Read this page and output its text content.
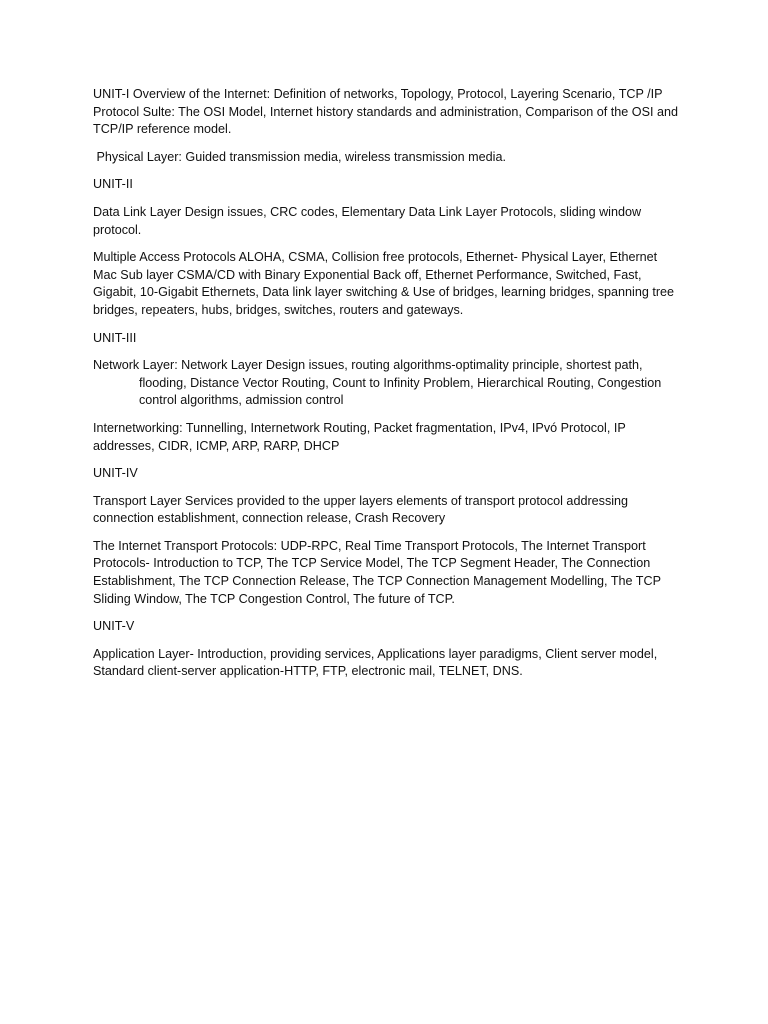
UNIT-I Overview of the Internet: Definition of networks, Topology, Protocol, Layering Scenario, TCP /IP Protocol Sulte: The OSI Model, Internet history standards and administration, Comparison of the OSI and TCP/IP reference model.

Physical Layer: Guided transmission media, wireless transmission media.

UNIT-II

Data Link Layer Design issues, CRC codes, Elementary Data Link Layer Protocols, sliding window protocol.

Multiple Access Protocols ALOHA, CSMA, Collision free protocols, Ethernet- Physical Layer, Ethernet Mac Sub layer CSMA/CD with Binary Exponential Back off, Ethernet Performance, Switched, Fast, Gigabit, 10-Gigabit Ethernets, Data link layer switching & Use of bridges, learning bridges, spanning tree bridges, repeaters, hubs, bridges, switches, routers and gateways.

UNIT-III

Network Layer: Network Layer Design issues, routing algorithms-optimality principle, shortest path, flooding, Distance Vector Routing, Count to Infinity Problem, Hierarchical Routing, Congestion control algorithms, admission control

Internetworking: Tunnelling, Internetwork Routing, Packet fragmentation, IPv4, IPvó Protocol, IP addresses, CIDR, ICMP, ARP, RARP, DHCP

UNIT-IV

Transport Layer Services provided to the upper layers elements of transport protocol addressing connection establishment, connection release, Crash Recovery

The Internet Transport Protocols: UDP-RPC, Real Time Transport Protocols, The Internet Transport Protocols- Introduction to TCP, The TCP Service Model, The TCP Segment Header, The Connection Establishment, The TCP Connection Release, The TCP Connection Management Modelling, The TCP Sliding Window, The TCP Congestion Control, The future of TCP.

UNIT-V

Application Layer- Introduction, providing services, Applications layer paradigms, Client server model, Standard client-server application-HTTP, FTP, electronic mail, TELNET, DNS.
